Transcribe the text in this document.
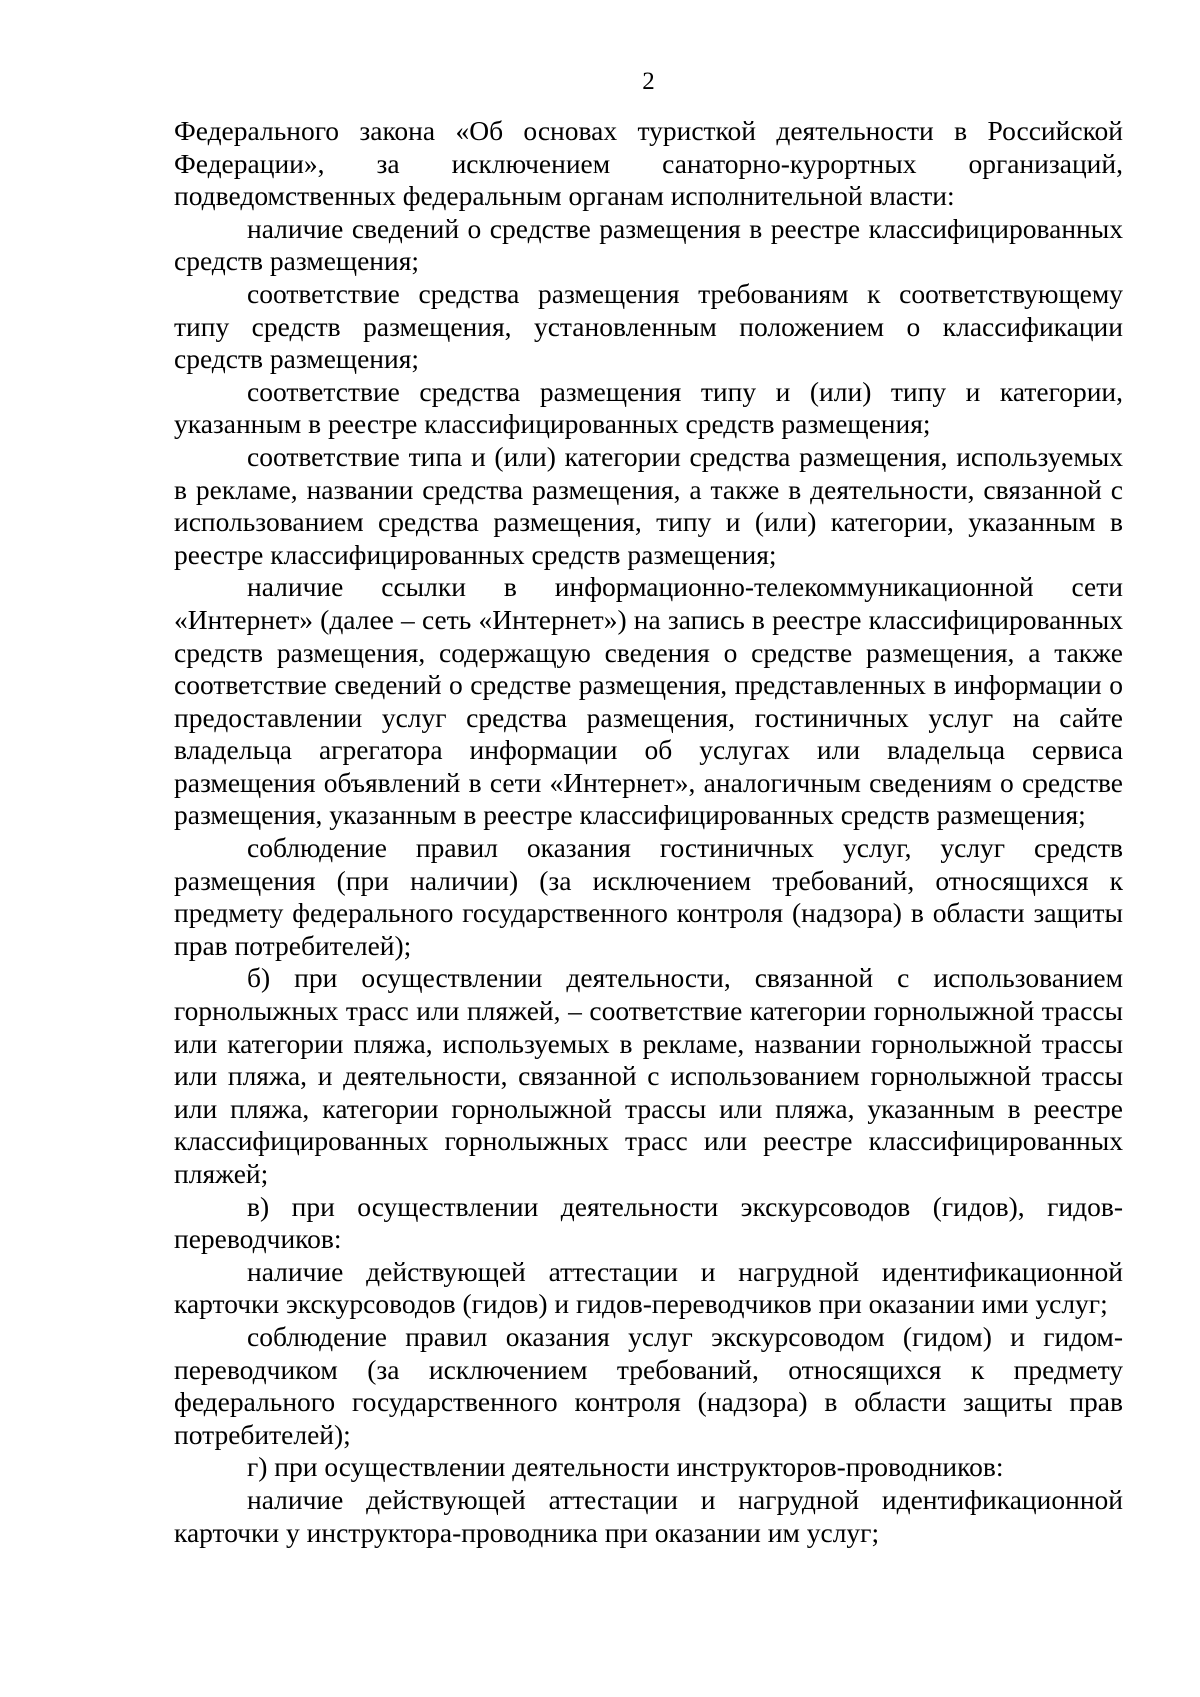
2

Федерального закона «Об основах туристкой деятельности в Российской Федерации», за исключением санаторно-курортных организаций, подведомственных федеральным органам исполнительной власти:

наличие сведений о средстве размещения в реестре классифицированных средств размещения;

соответствие средства размещения требованиям к соответствующему типу средств размещения, установленным положением о классификации средств размещения;

соответствие средства размещения типу и (или) типу и категории, указанным в реестре классифицированных средств размещения;

соответствие типа и (или) категории средства размещения, используемых в рекламе, названии средства размещения, а также в деятельности, связанной с использованием средства размещения, типу и (или) категории, указанным в реестре классифицированных средств размещения;

наличие ссылки в информационно-телекоммуникационной сети «Интернет» (далее – сеть «Интернет») на запись в реестре классифицированных средств размещения, содержащую сведения о средстве размещения, а также соответствие сведений о средстве размещения, представленных в информации о предоставлении услуг средства размещения, гостиничных услуг на сайте владельца агрегатора информации об услугах или владельца сервиса размещения объявлений в сети «Интернет», аналогичным сведениям о средстве размещения, указанным в реестре классифицированных средств размещения;

соблюдение правил оказания гостиничных услуг, услуг средств размещения (при наличии) (за исключением требований, относящихся к предмету федерального государственного контроля (надзора) в области защиты прав потребителей);

б) при осуществлении деятельности, связанной с использованием горнолыжных трасс или пляжей, – соответствие категории горнолыжной трассы или категории пляжа, используемых в рекламе, названии горнолыжной трассы или пляжа, и деятельности, связанной с использованием горнолыжной трассы или пляжа, категории горнолыжной трассы или пляжа, указанным в реестре классифицированных горнолыжных трасс или реестре классифицированных пляжей;

в) при осуществлении деятельности экскурсоводов (гидов), гидов-переводчиков:

наличие действующей аттестации и нагрудной идентификационной карточки экскурсоводов (гидов) и гидов-переводчиков при оказании ими услуг;

соблюдение правил оказания услуг экскурсоводом (гидом) и гидом-переводчиком (за исключением требований, относящихся к предмету федерального государственного контроля (надзора) в области защиты прав потребителей);

г) при осуществлении деятельности инструкторов-проводников:

наличие действующей аттестации и нагрудной идентификационной карточки у инструктора-проводника при оказании им услуг;
